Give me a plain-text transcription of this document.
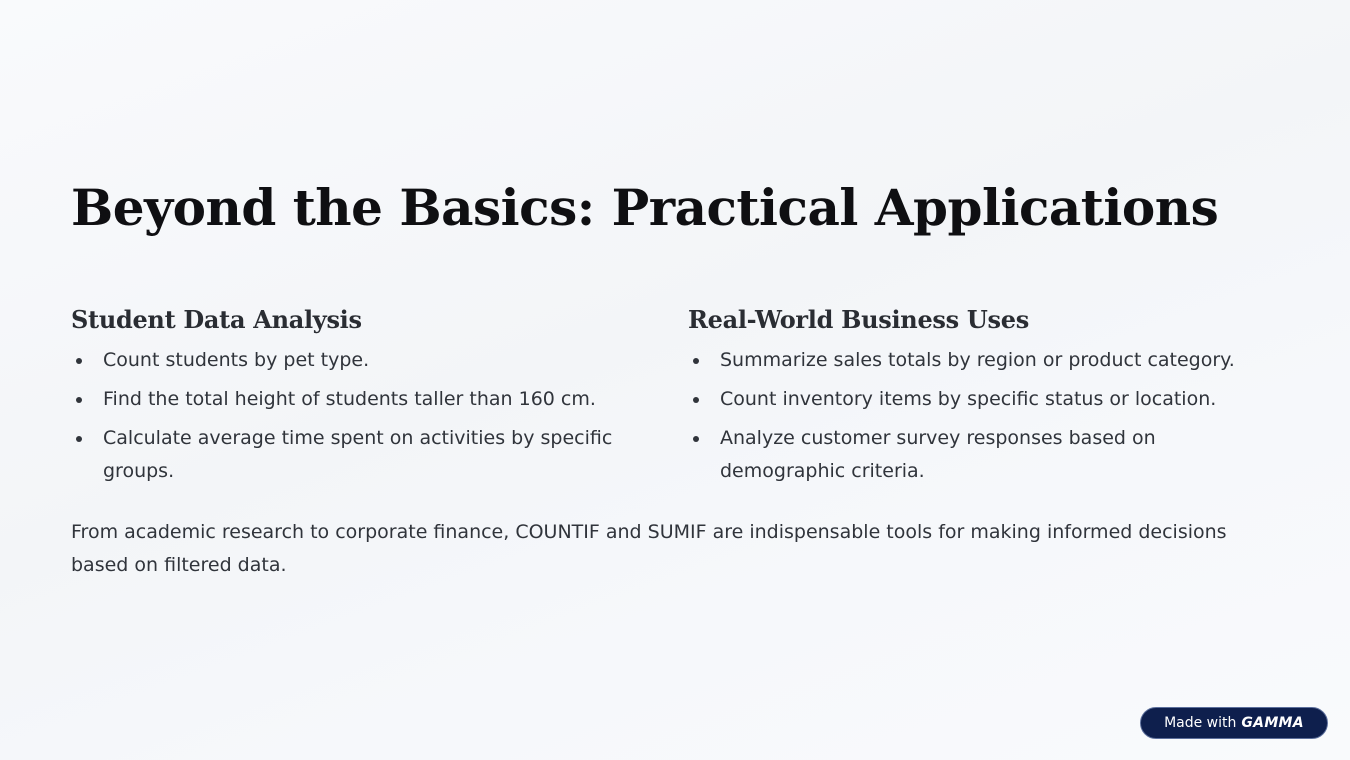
Beyond the Basics: Practical Applications
Student Data Analysis
Count students by pet type.
Find the total height of students taller than 160 cm.
Calculate average time spent on activities by specific groups.
Real-World Business Uses
Summarize sales totals by region or product category.
Count inventory items by specific status or location.
Analyze customer survey responses based on demographic criteria.

From academic research to corporate finance, COUNTIF and SUMIF are indispensable tools for making informed decisions based on filtered data.

Made with GAMMA
